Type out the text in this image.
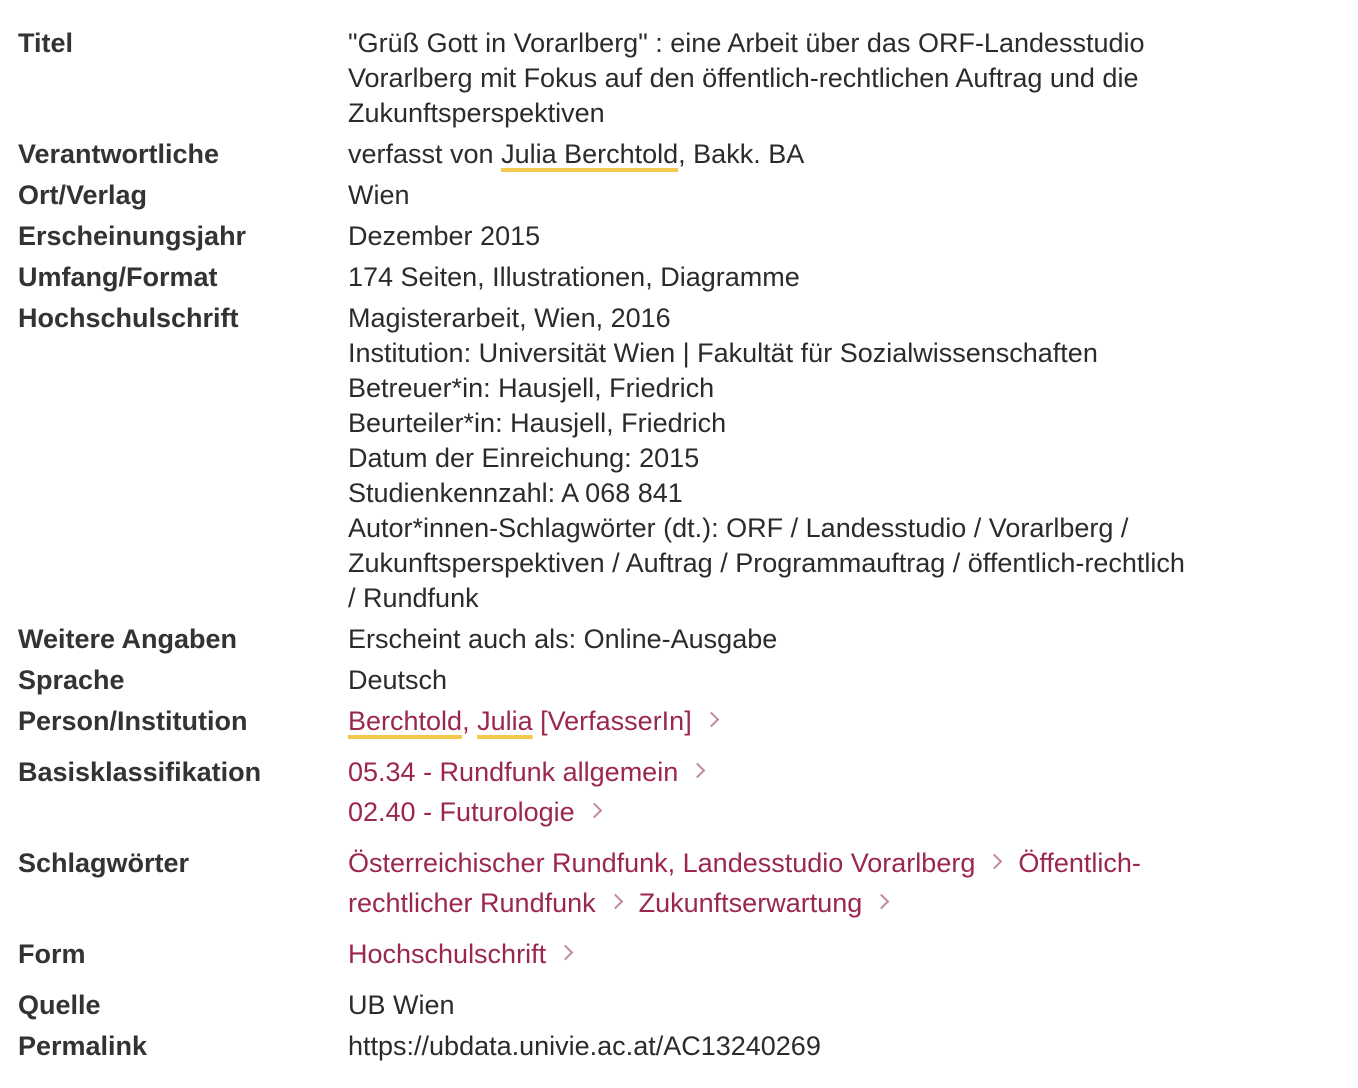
Titel	"Grüß Gott in Vorarlberg" : eine Arbeit über das ORF-Landesstudio
Vorarlberg mit Fokus auf den öffentlich-rechtlichen Auftrag und die
Zukunftsperspektiven
Verantwortliche	verfasst von Julia Berchtold, Bakk. BA
Ort/Verlag	Wien
Erscheinungsjahr	Dezember 2015
Umfang/Format	174 Seiten, Illustrationen, Diagramme
Hochschulschrift	Magisterarbeit, Wien, 2016
Institution: Universität Wien | Fakultät für Sozialwissenschaften
Betreuer*in: Hausjell, Friedrich
Beurteiler*in: Hausjell, Friedrich
Datum der Einreichung: 2015
Studienkennzahl: A 068 841
Autor*innen-Schlagwörter (dt.): ORF / Landesstudio / Vorarlberg /
Zukunftsperspektiven / Auftrag / Programmauftrag / öffentlich-rechtlich
/ Rundfunk
Weitere Angaben	Erscheint auch als: Online-Ausgabe
Sprache	Deutsch
Person/Institution	Berchtold, Julia [VerfasserIn]
Basisklassifikation	05.34 - Rundfunk allgemein
02.40 - Futurologie
Schlagwörter	Österreichischer Rundfunk, Landesstudio Vorarlberg Öffentlich-
rechtlicher Rundfunk Zukunftserwartung
Form	Hochschulschrift
Quelle	UB Wien
Permalink	https://ubdata.univie.ac.at/AC13240269
